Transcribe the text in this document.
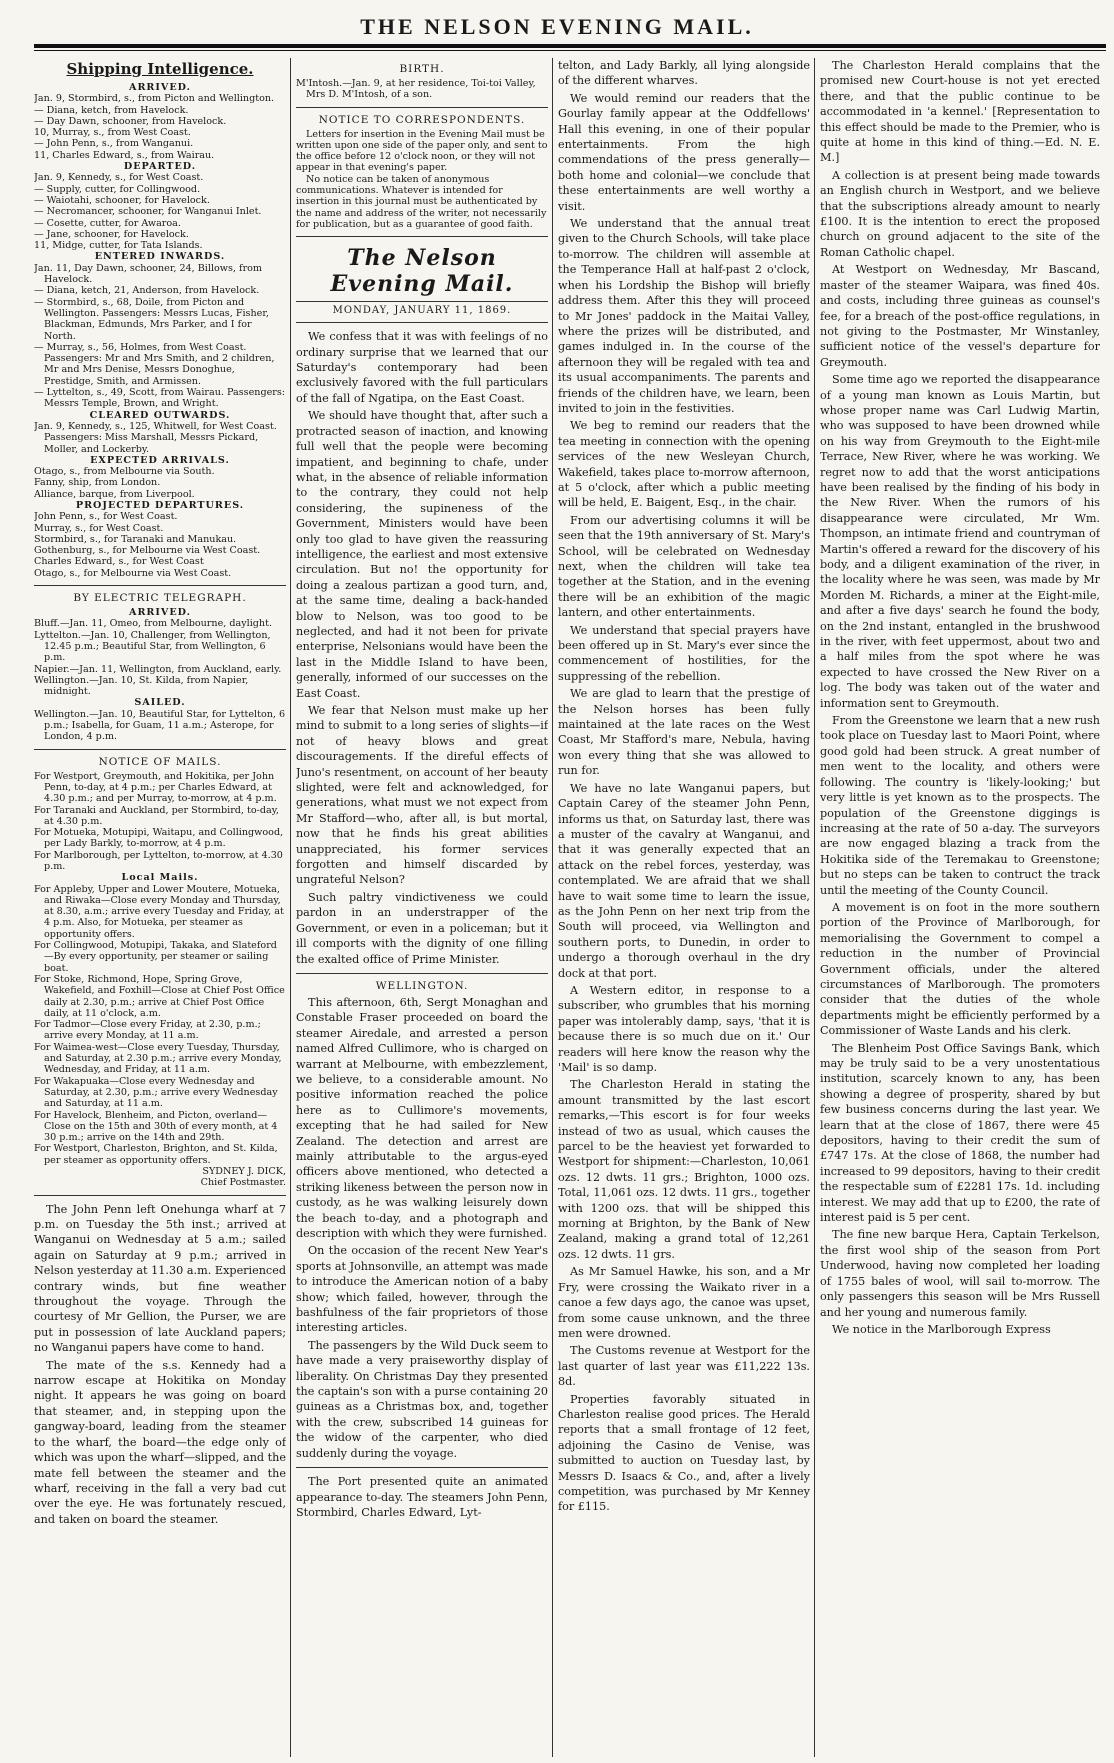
THE NELSON EVENING MAIL.
Shipping Intelligence.
ARRIVED.
Jan. 9, Stormbird, s., from Picton and Wellington.
— Diana, ketch, from Havelock.
— Day Dawn, schooner, from Havelock.
10, Murray, s., from West Coast.
— John Penn, s., from Wanganui.
11, Charles Edward, s., from Wairau.
DEPARTED.
Jan. 9, Kennedy, s., for West Coast.
— Supply, cutter, for Collingwood.
— Waiotahi, schooner, for Havelock.
— Necromancer, schooner, for Wanganui Inlet.
— Cosette, cutter, for Awaroa.
— Jane, schooner, for Havelock.
11, Midge, cutter, for Tata Islands.
ENTERED INWARDS.
Jan. 11, Day Dawn, schooner, 24, Billows, from Havelock.
— Diana, ketch, 21, Anderson, from Havelock.
— Stormbird, s., 68, Doile, from Picton and Wellington. Passengers: Messrs Lucas, Fisher, Blackman, Edmunds, Mrs Parker, and I for North.
— Murray, s., 56, Holmes, from West Coast. Passengers: Mr and Mrs Smith, and 2 children, Mr and Mrs Denise, Messrs Donoghue, Prestidge, Smith, and Armissen.
— Lyttelton, s., 49, Scott, from Wairau. Passengers: Messrs Temple, Brown, and Wright.
CLEARED OUTWARDS.
Jan. 9, Kennedy, s., 125, Whitwell, for West Coast. Passengers: Miss Marshall, Messrs Pickard, Moller, and Lockerby.
EXPECTED ARRIVALS.
Otago, s., from Melbourne via South.
Fanny, ship, from London.
Alliance, barque, from Liverpool.
PROJECTED DEPARTURES.
John Penn, s., for West Coast.
Murray, s., for West Coast.
Stormbird, s., for Taranaki and Manukau.
Gothenburg, s., for Melbourne via West Coast.
Charles Edward, s., for West Coast
Otago, s., for Melbourne via West Coast.
BY ELECTRIC TELEGRAPH.
ARRIVED.
Bluff.—Jan. 11, Omeo, from Melbourne, daylight.
Lyttelton.—Jan. 10, Challenger, from Wellington, 12.45 p.m.; Beautiful Star, from Wellington, 6 p.m.
Napier.—Jan. 11, Wellington, from Auckland, early.
Wellington.—Jan. 10, St. Kilda, from Napier, midnight.
SAILED.
Wellington.—Jan. 10, Beautiful Star, for Lyttelton, 6 p.m.; Isabella, for Guam, 11 a.m.; Asterope, for London, 4 p.m.
NOTICE OF MAILS.
For Westport, Greymouth, and Hokitika, per John Penn, to-day, at 4 p.m.; per Charles Edward, at 4.30 p.m.; and per Murray, to-morrow, at 4 p.m.
For Taranaki and Auckland, per Stormbird, to-day, at 4.30 p.m.
For Motueka, Motupipi, Waitapu, and Collingwood, per Lady Barkly, to-morrow, at 4 p.m.
For Marlborough, per Lyttelton, to-morrow, at 4.30 p.m.
Local Mails.
For Appleby, Upper and Lower Moutere, Motueka, and Riwaka—Close every Monday and Thursday, at 8.30, a.m.; arrive every Tuesday and Friday, at 4 p.m. Also, for Motueka, per steamer as opportunity offers.
For Collingwood, Motupipi, Takaka, and Slateford—By every opportunity, per steamer or sailing boat.
For Stoke, Richmond, Hope, Spring Grove, Wakefield, and Foxhill—Close at Chief Post Office daily at 2.30, p.m.; arrive at Chief Post Office daily, at 11 o'clock, a.m.
For Tadmor—Close every Friday, at 2.30, p.m.; arrive every Monday, at 11 a.m.
For Waimea-west—Close every Tuesday, Thursday, and Saturday, at 2.30 p.m.; arrive every Monday, Wednesday, and Friday, at 11 a.m.
For Wakapuaka—Close every Wednesday and Saturday, at 2.30, p.m.; arrive every Wednesday and Saturday, at 11 a.m.
For Havelock, Blenheim, and Picton, overland—Close on the 15th and 30th of every month, at 4 30 p.m.; arrive on the 14th and 29th.
For Westport, Charleston, Brighton, and St. Kilda, per steamer as opportunity offers.

SYDNEY J. DICK,

Chief Postmaster.

The John Penn left Onehunga wharf at 7 p.m. on Tuesday the 5th inst.; arrived at Wanganui on Wednesday at 5 a.m.; sailed again on Saturday at 9 p.m.; arrived in Nelson yesterday at 11.30 a.m. Experienced contrary winds, but fine weather throughout the voyage. Through the courtesy of Mr Gellion, the Purser, we are put in possession of late Auckland papers; no Wanganui papers have come to hand.

The mate of the s.s. Kennedy had a narrow escape at Hokitika on Monday night. It appears he was going on board that steamer, and, in stepping upon the gangway-board, leading from the steamer to the wharf, the board—the edge only of which was upon the wharf—slipped, and the mate fell between the steamer and the wharf, receiving in the fall a very bad cut over the eye. He was fortunately rescued, and taken on board the steamer.

BIRTH.

M'Intosh.—Jan. 9, at her residence, Toi-toi Valley, Mrs D. M'Intosh, of a son.

NOTICE TO CORRESPONDENTS.

Letters for insertion in the Evening Mail must be written upon one side of the paper only, and sent to the office before 12 o'clock noon, or they will not appear in that evening's paper.

No notice can be taken of anonymous communications. Whatever is intended for insertion in this journal must be authenticated by the name and address of the writer, not necessarily for publication, but as a guarantee of good faith.

The Nelson Evening Mail.
MONDAY, JANUARY 11, 1869.

We confess that it was with feelings of no ordinary surprise that we learned that our Saturday's contemporary had been exclusively favored with the full particulars of the fall of Ngatipa, on the East Coast.

We should have thought that, after such a protracted season of inaction, and knowing full well that the people were becoming impatient, and beginning to chafe, under what, in the absence of reliable information to the contrary, they could not help considering, the supineness of the Government, Ministers would have been only too glad to have given the reassuring intelligence, the earliest and most extensive circulation. But no! the opportunity for doing a zealous partizan a good turn, and, at the same time, dealing a back-handed blow to Nelson, was too good to be neglected, and had it not been for private enterprise, Nelsonians would have been the last in the Middle Island to have been, generally, informed of our successes on the East Coast.

We fear that Nelson must make up her mind to submit to a long series of slights—if not of heavy blows and great discouragements. If the direful effects of Juno's resentment, on account of her beauty slighted, were felt and acknowledged, for generations, what must we not expect from Mr Stafford—who, after all, is but mortal, now that he finds his great abilities unappreciated, his former services forgotten and himself discarded by ungrateful Nelson?

Such paltry vindictiveness we could pardon in an understrapper of the Government, or even in a policeman; but it ill comports with the dignity of one filling the exalted office of Prime Minister.

WELLINGTON.

This afternoon, 6th, Sergt Monaghan and Constable Fraser proceeded on board the steamer Airedale, and arrested a person named Alfred Cullimore, who is charged on warrant at Melbourne, with embezzlement, we believe, to a considerable amount. No positive information reached the police here as to Cullimore's movements, excepting that he had sailed for New Zealand. The detection and arrest are mainly attributable to the argus-eyed officers above mentioned, who detected a striking likeness between the person now in custody, as he was walking leisurely down the beach to-day, and a photograph and description with which they were furnished.

On the occasion of the recent New Year's sports at Johnsonville, an attempt was made to introduce the American notion of a baby show; which failed, however, through the bashfulness of the fair proprietors of those interesting articles.

The passengers by the Wild Duck seem to have made a very praiseworthy display of liberality. On Christmas Day they presented the captain's son with a purse containing 20 guineas as a Christmas box, and, together with the crew, subscribed 14 guineas for the widow of the carpenter, who died suddenly during the voyage.

The Port presented quite an animated appearance to-day. The steamers John Penn, Stormbird, Charles Edward, Lyt-

telton, and Lady Barkly, all lying alongside of the different wharves.

We would remind our readers that the Gourlay family appear at the Oddfellows' Hall this evening, in one of their popular entertainments. From the high commendations of the press generally—both home and colonial—we conclude that these entertainments are well worthy a visit.

We understand that the annual treat given to the Church Schools, will take place to-morrow. The children will assemble at the Temperance Hall at half-past 2 o'clock, when his Lordship the Bishop will briefly address them. After this they will proceed to Mr Jones' paddock in the Maitai Valley, where the prizes will be distributed, and games indulged in. In the course of the afternoon they will be regaled with tea and its usual accompaniments. The parents and friends of the children have, we learn, been invited to join in the festivities.

We beg to remind our readers that the tea meeting in connection with the opening services of the new Wesleyan Church, Wakefield, takes place to-morrow afternoon, at 5 o'clock, after which a public meeting will be held, E. Baigent, Esq., in the chair.

From our advertising columns it will be seen that the 19th anniversary of St. Mary's School, will be celebrated on Wednesday next, when the children will take tea together at the Station, and in the evening there will be an exhibition of the magic lantern, and other entertainments.

We understand that special prayers have been offered up in St. Mary's ever since the commencement of hostilities, for the suppressing of the rebellion.

We are glad to learn that the prestige of the Nelson horses has been fully maintained at the late races on the West Coast, Mr Stafford's mare, Nebula, having won every thing that she was allowed to run for.

We have no late Wanganui papers, but Captain Carey of the steamer John Penn, informs us that, on Saturday last, there was a muster of the cavalry at Wanganui, and that it was generally expected that an attack on the rebel forces, yesterday, was contemplated. We are afraid that we shall have to wait some time to learn the issue, as the John Penn on her next trip from the South will proceed, via Wellington and southern ports, to Dunedin, in order to undergo a thorough overhaul in the dry dock at that port.

A Western editor, in response to a subscriber, who grumbles that his morning paper was intolerably damp, says, 'that it is because there is so much due on it.' Our readers will here know the reason why the 'Mail' is so damp.

The Charleston Herald in stating the amount transmitted by the last escort remarks,—This escort is for four weeks instead of two as usual, which causes the parcel to be the heaviest yet forwarded to Westport for shipment:—Charleston, 10,061 ozs. 12 dwts. 11 grs.; Brighton, 1000 ozs. Total, 11,061 ozs. 12 dwts. 11 grs., together with 1200 ozs. that will be shipped this morning at Brighton, by the Bank of New Zealand, making a grand total of 12,261 ozs. 12 dwts. 11 grs.

As Mr Samuel Hawke, his son, and a Mr Fry, were crossing the Waikato river in a canoe a few days ago, the canoe was upset, from some cause unknown, and the three men were drowned.

The Customs revenue at Westport for the last quarter of last year was £11,222 13s. 8d.

Properties favorably situated in Charleston realise good prices. The Herald reports that a small frontage of 12 feet, adjoining the Casino de Venise, was submitted to auction on Tuesday last, by Messrs D. Isaacs & Co., and, after a lively competition, was purchased by Mr Kenney for £115.

The Charleston Herald complains that the promised new Court-house is not yet erected there, and that the public continue to be accommodated in 'a kennel.' [Representation to this effect should be made to the Premier, who is quite at home in this kind of thing.—Ed. N. E. M.]

A collection is at present being made towards an English church in Westport, and we believe that the subscriptions already amount to nearly £100. It is the intention to erect the proposed church on ground adjacent to the site of the Roman Catholic chapel.

At Westport on Wednesday, Mr Bascand, master of the steamer Waipara, was fined 40s. and costs, including three guineas as counsel's fee, for a breach of the post-office regulations, in not giving to the Postmaster, Mr Winstanley, sufficient notice of the vessel's departure for Greymouth.

Some time ago we reported the disappearance of a young man known as Louis Martin, but whose proper name was Carl Ludwig Martin, who was supposed to have been drowned while on his way from Greymouth to the Eight-mile Terrace, New River, where he was working. We regret now to add that the worst anticipations have been realised by the finding of his body in the New River. When the rumors of his disappearance were circulated, Mr Wm. Thompson, an intimate friend and countryman of Martin's offered a reward for the discovery of his body, and a diligent examination of the river, in the locality where he was seen, was made by Mr Morden M. Richards, a miner at the Eight-mile, and after a five days' search he found the body, on the 2nd instant, entangled in the brushwood in the river, with feet uppermost, about two and a half miles from the spot where he was expected to have crossed the New River on a log. The body was taken out of the water and information sent to Greymouth.

From the Greenstone we learn that a new rush took place on Tuesday last to Maori Point, where good gold had been struck. A great number of men went to the locality, and others were following. The country is 'likely-looking;' but very little is yet known as to the prospects. The population of the Greenstone diggings is increasing at the rate of 50 a-day. The surveyors are now engaged blazing a track from the Hokitika side of the Teremakau to Greenstone; but no steps can be taken to contruct the track until the meeting of the County Council.

A movement is on foot in the more southern portion of the Province of Marlborough, for memorialising the Government to compel a reduction in the number of Provincial Government officials, under the altered circumstances of Marlborough. The promoters consider that the duties of the whole departments might be efficiently performed by a Commissioner of Waste Lands and his clerk.

The Blenheim Post Office Savings Bank, which may be truly said to be a very unostentatious institution, scarcely known to any, has been showing a degree of prosperity, shared by but few business concerns during the last year. We learn that at the close of 1867, there were 45 depositors, having to their credit the sum of £747 17s. At the close of 1868, the number had increased to 99 depositors, having to their credit the respectable sum of £2281 17s. 1d. including interest. We may add that up to £200, the rate of interest paid is 5 per cent.

The fine new barque Hera, Captain Terkelson, the first wool ship of the season from Port Underwood, having now completed her loading of 1755 bales of wool, will sail to-morrow. The only passengers this season will be Mrs Russell and her young and numerous family.

We notice in the Marlborough Express
